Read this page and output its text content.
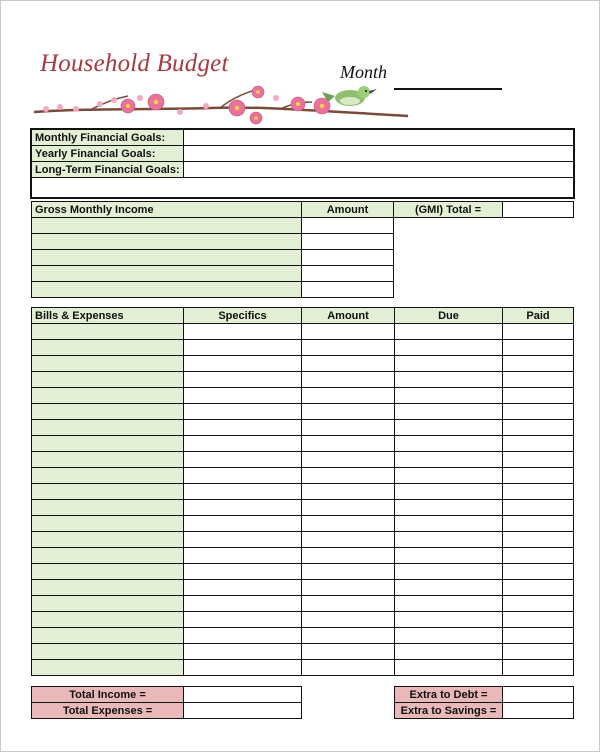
Household Budget	Month
Monthly Financial Goals:	
Yearly Financial Goals:	
Long-Term Financial Goals:	

Gross Monthly Income	Amount	(GMI) Total =	

Bills & Expenses	Specifics	Amount	Due	Paid

Total Income =			Extra to Debt =	
Total Expenses =			Extra to Savings =	
